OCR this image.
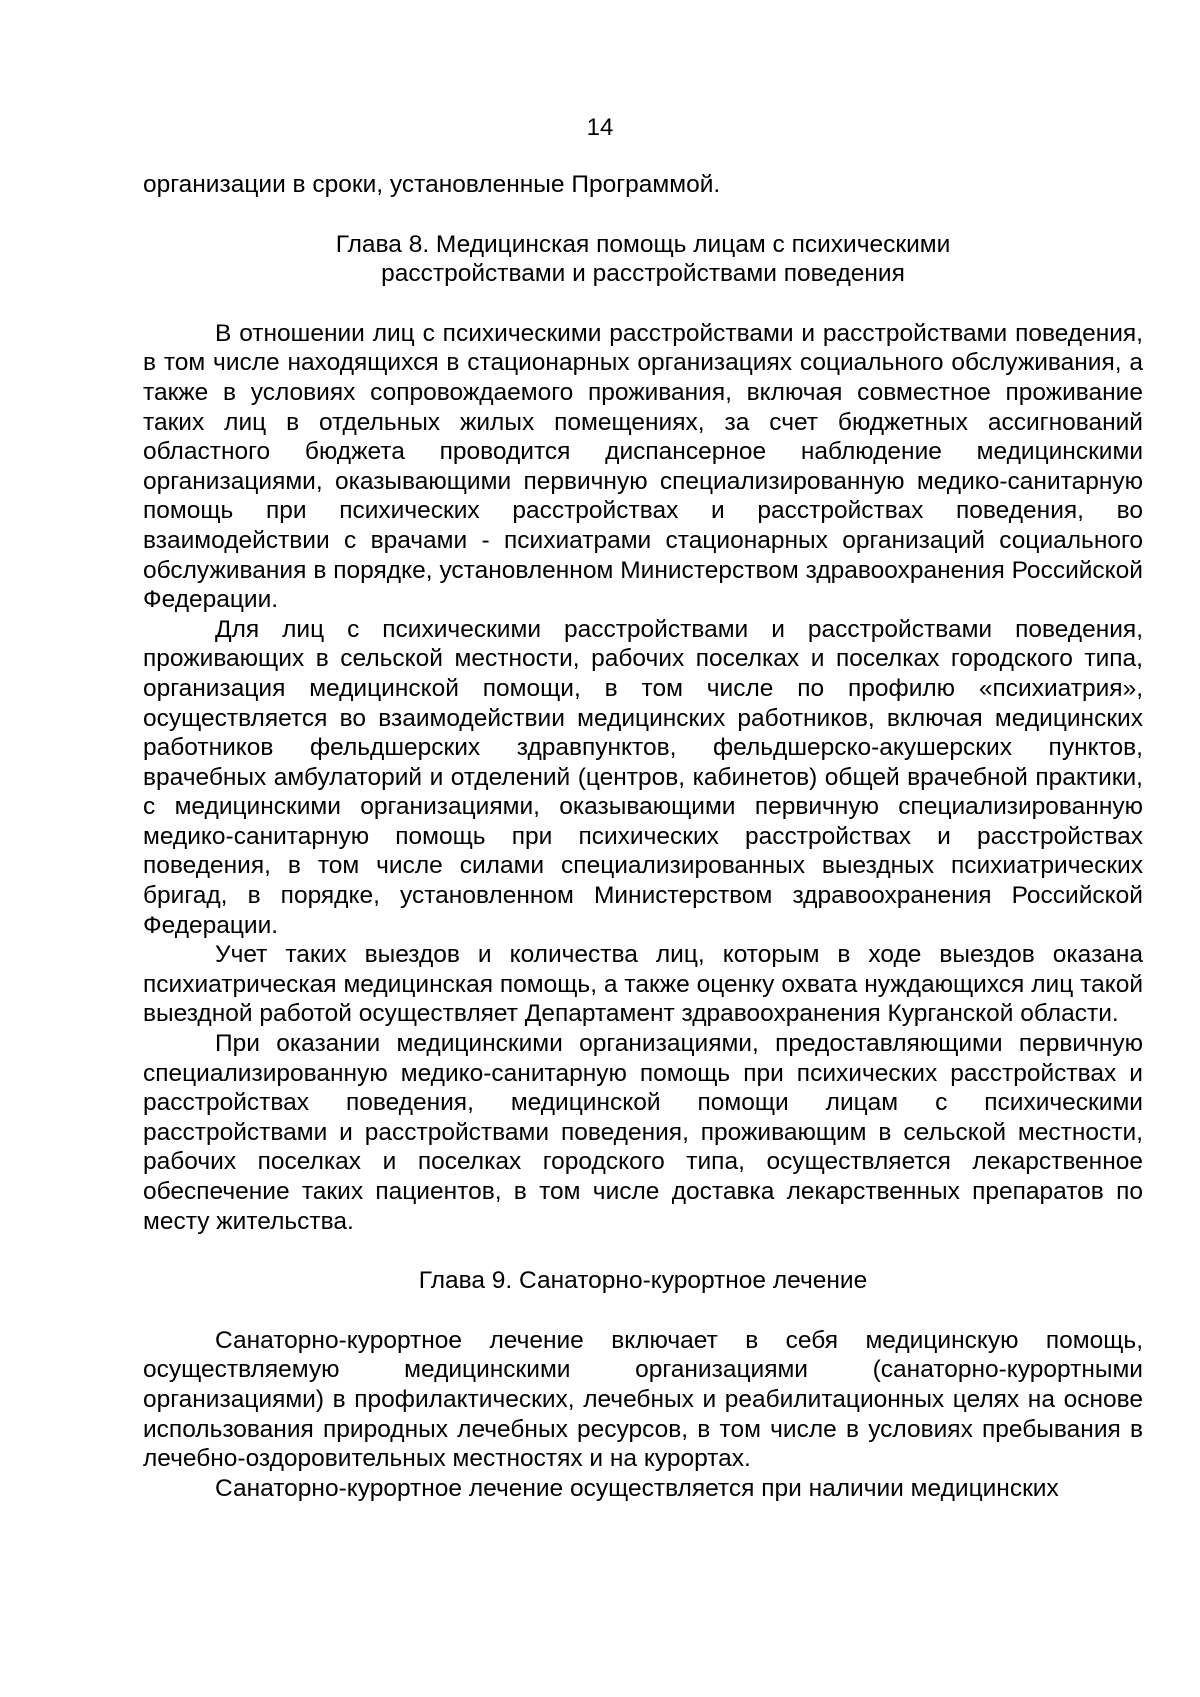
14

организации в сроки, установленные Программой.

Глава 8. Медицинская помощь лицам с психическими
расстройствами и расстройствами поведения

В отношении лиц с психическими расстройствами и расстройствами поведения, в том числе находящихся в стационарных организациях социального обслуживания, а также в условиях сопровождаемого проживания, включая совместное проживание таких лиц в отдельных жилых помещениях, за счет бюджетных ассигнований областного бюджета проводится диспансерное наблюдение медицинскими организациями, оказывающими первичную специализированную медико-санитарную помощь при психических расстройствах и расстройствах поведения, во взаимодействии с врачами - психиатрами стационарных организаций социального обслуживания в порядке, установленном Министерством здравоохранения Российской Федерации.

Для лиц с психическими расстройствами и расстройствами поведения, проживающих в сельской местности, рабочих поселках и поселках городского типа, организация медицинской помощи, в том числе по профилю «психиатрия», осуществляется во взаимодействии медицинских работников, включая медицинских работников фельдшерских здравпунктов, фельдшерско-акушерских пунктов, врачебных амбулаторий и отделений (центров, кабинетов) общей врачебной практики, с медицинскими организациями, оказывающими первичную специализированную медико-санитарную помощь при психических расстройствах и расстройствах поведения, в том числе силами специализированных выездных психиатрических бригад, в порядке, установленном Министерством здравоохранения Российской Федерации.

Учет таких выездов и количества лиц, которым в ходе выездов оказана психиатрическая медицинская помощь, а также оценку охвата нуждающихся лиц такой выездной работой осуществляет Департамент здравоохранения Курганской области.

При оказании медицинскими организациями, предоставляющими первичную специализированную медико-санитарную помощь при психических расстройствах и расстройствах поведения, медицинской помощи лицам с психическими расстройствами и расстройствами поведения, проживающим в сельской местности, рабочих поселках и поселках городского типа, осуществляется лекарственное обеспечение таких пациентов, в том числе доставка лекарственных препаратов по месту жительства.

Глава 9. Санаторно-курортное лечение

Санаторно-курортное лечение включает в себя медицинскую помощь, осуществляемую медицинскими организациями (санаторно-курортными организациями) в профилактических, лечебных и реабилитационных целях на основе использования природных лечебных ресурсов, в том числе в условиях пребывания в лечебно-оздоровительных местностях и на курортах.

Санаторно-курортное лечение осуществляется при наличии медицинских
